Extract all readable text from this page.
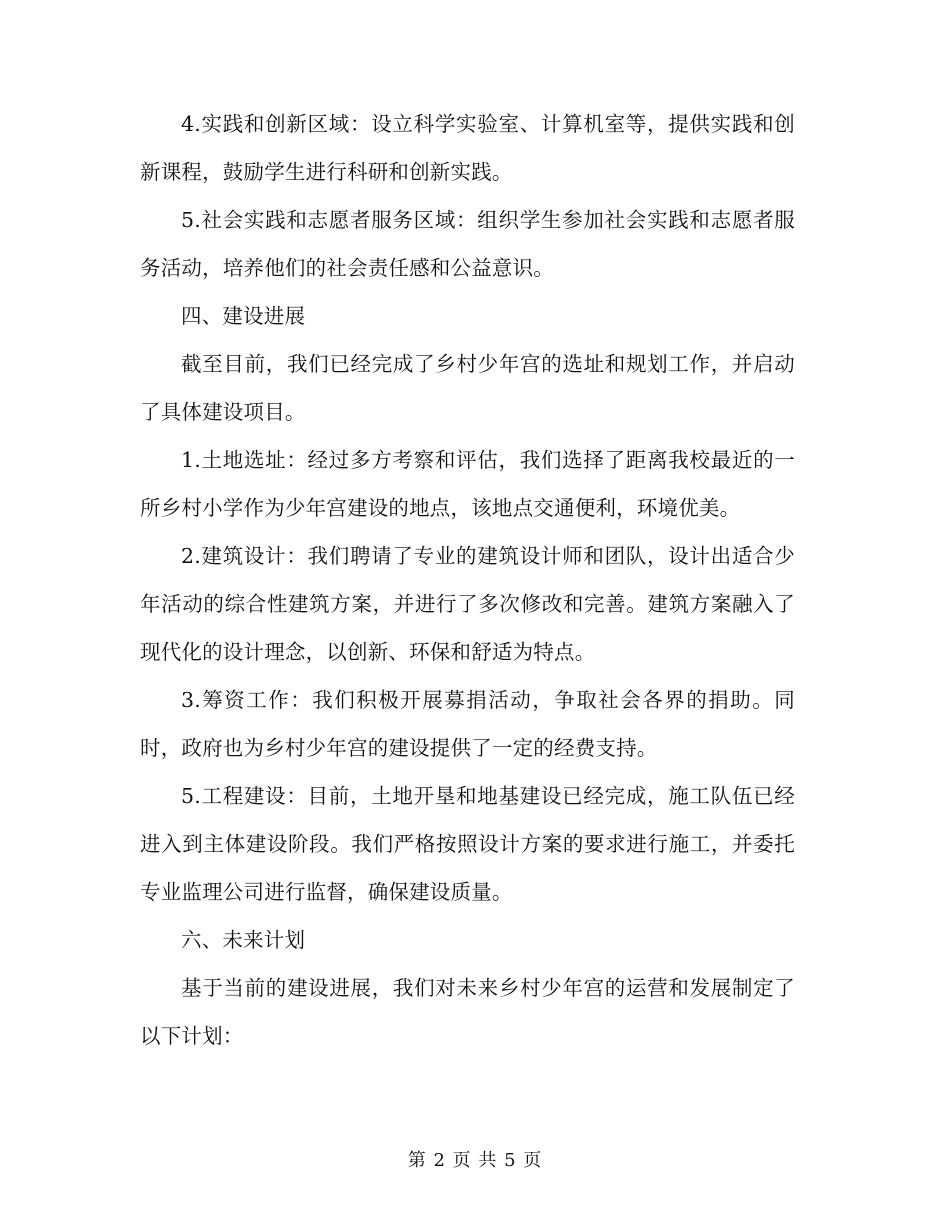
4.实践和创新区域：设立科学实验室、计算机室等，提供实践和创新课程，鼓励学生进行科研和创新实践。

5.社会实践和志愿者服务区域：组织学生参加社会实践和志愿者服务活动，培养他们的社会责任感和公益意识。

四、建设进展

截至目前，我们已经完成了乡村少年宫的选址和规划工作，并启动了具体建设项目。

1.土地选址：经过多方考察和评估，我们选择了距离我校最近的一所乡村小学作为少年宫建设的地点，该地点交通便利，环境优美。

2.建筑设计：我们聘请了专业的建筑设计师和团队，设计出适合少年活动的综合性建筑方案，并进行了多次修改和完善。建筑方案融入了现代化的设计理念，以创新、环保和舒适为特点。

3.筹资工作：我们积极开展募捐活动，争取社会各界的捐助。同时，政府也为乡村少年宫的建设提供了一定的经费支持。

5.工程建设：目前，土地开垦和地基建设已经完成，施工队伍已经进入到主体建设阶段。我们严格按照设计方案的要求进行施工，并委托专业监理公司进行监督，确保建设质量。

六、未来计划

基于当前的建设进展，我们对未来乡村少年宫的运营和发展制定了以下计划：

第 2 页 共 5 页
